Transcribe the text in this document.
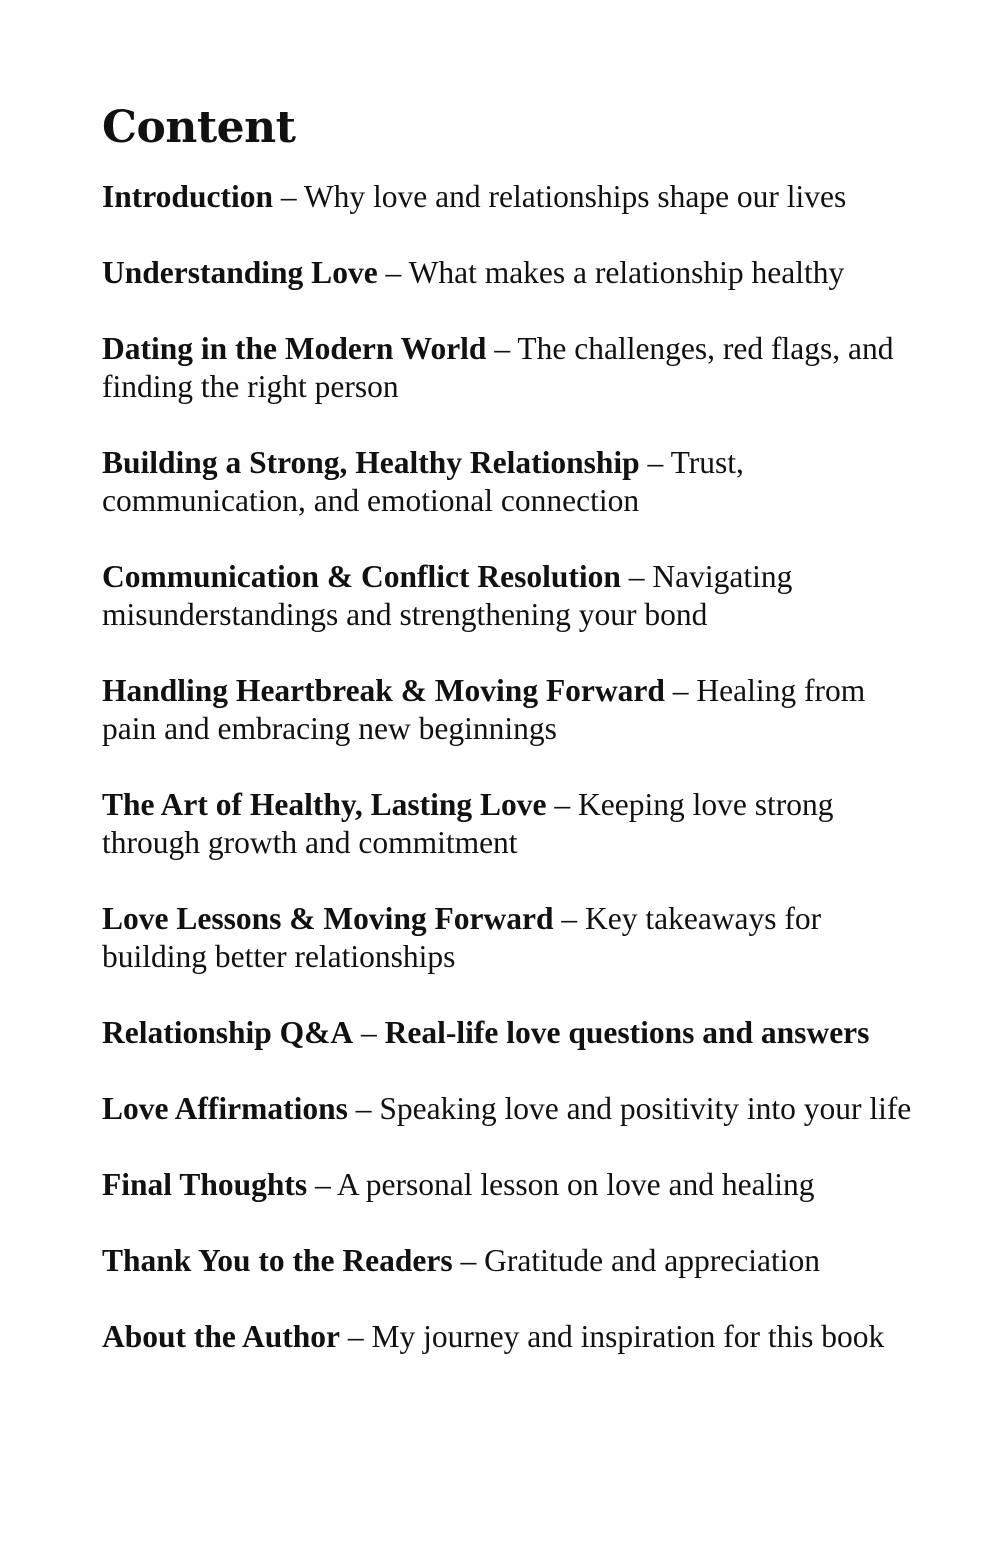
Content
Introduction – Why love and relationships shape our lives
Understanding Love – What makes a relationship healthy
Dating in the Modern World – The challenges, red flags, and finding the right person
Building a Strong, Healthy Relationship – Trust, communication, and emotional connection
Communication & Conflict Resolution – Navigating misunderstandings and strengthening your bond
Handling Heartbreak & Moving Forward – Healing from pain and embracing new beginnings
The Art of Healthy, Lasting Love – Keeping love strong through growth and commitment
Love Lessons & Moving Forward – Key takeaways for building better relationships
Relationship Q&A – Real-life love questions and answers
Love Affirmations – Speaking love and positivity into your life
Final Thoughts – A personal lesson on love and healing
Thank You to the Readers – Gratitude and appreciation
About the Author – My journey and inspiration for this book
